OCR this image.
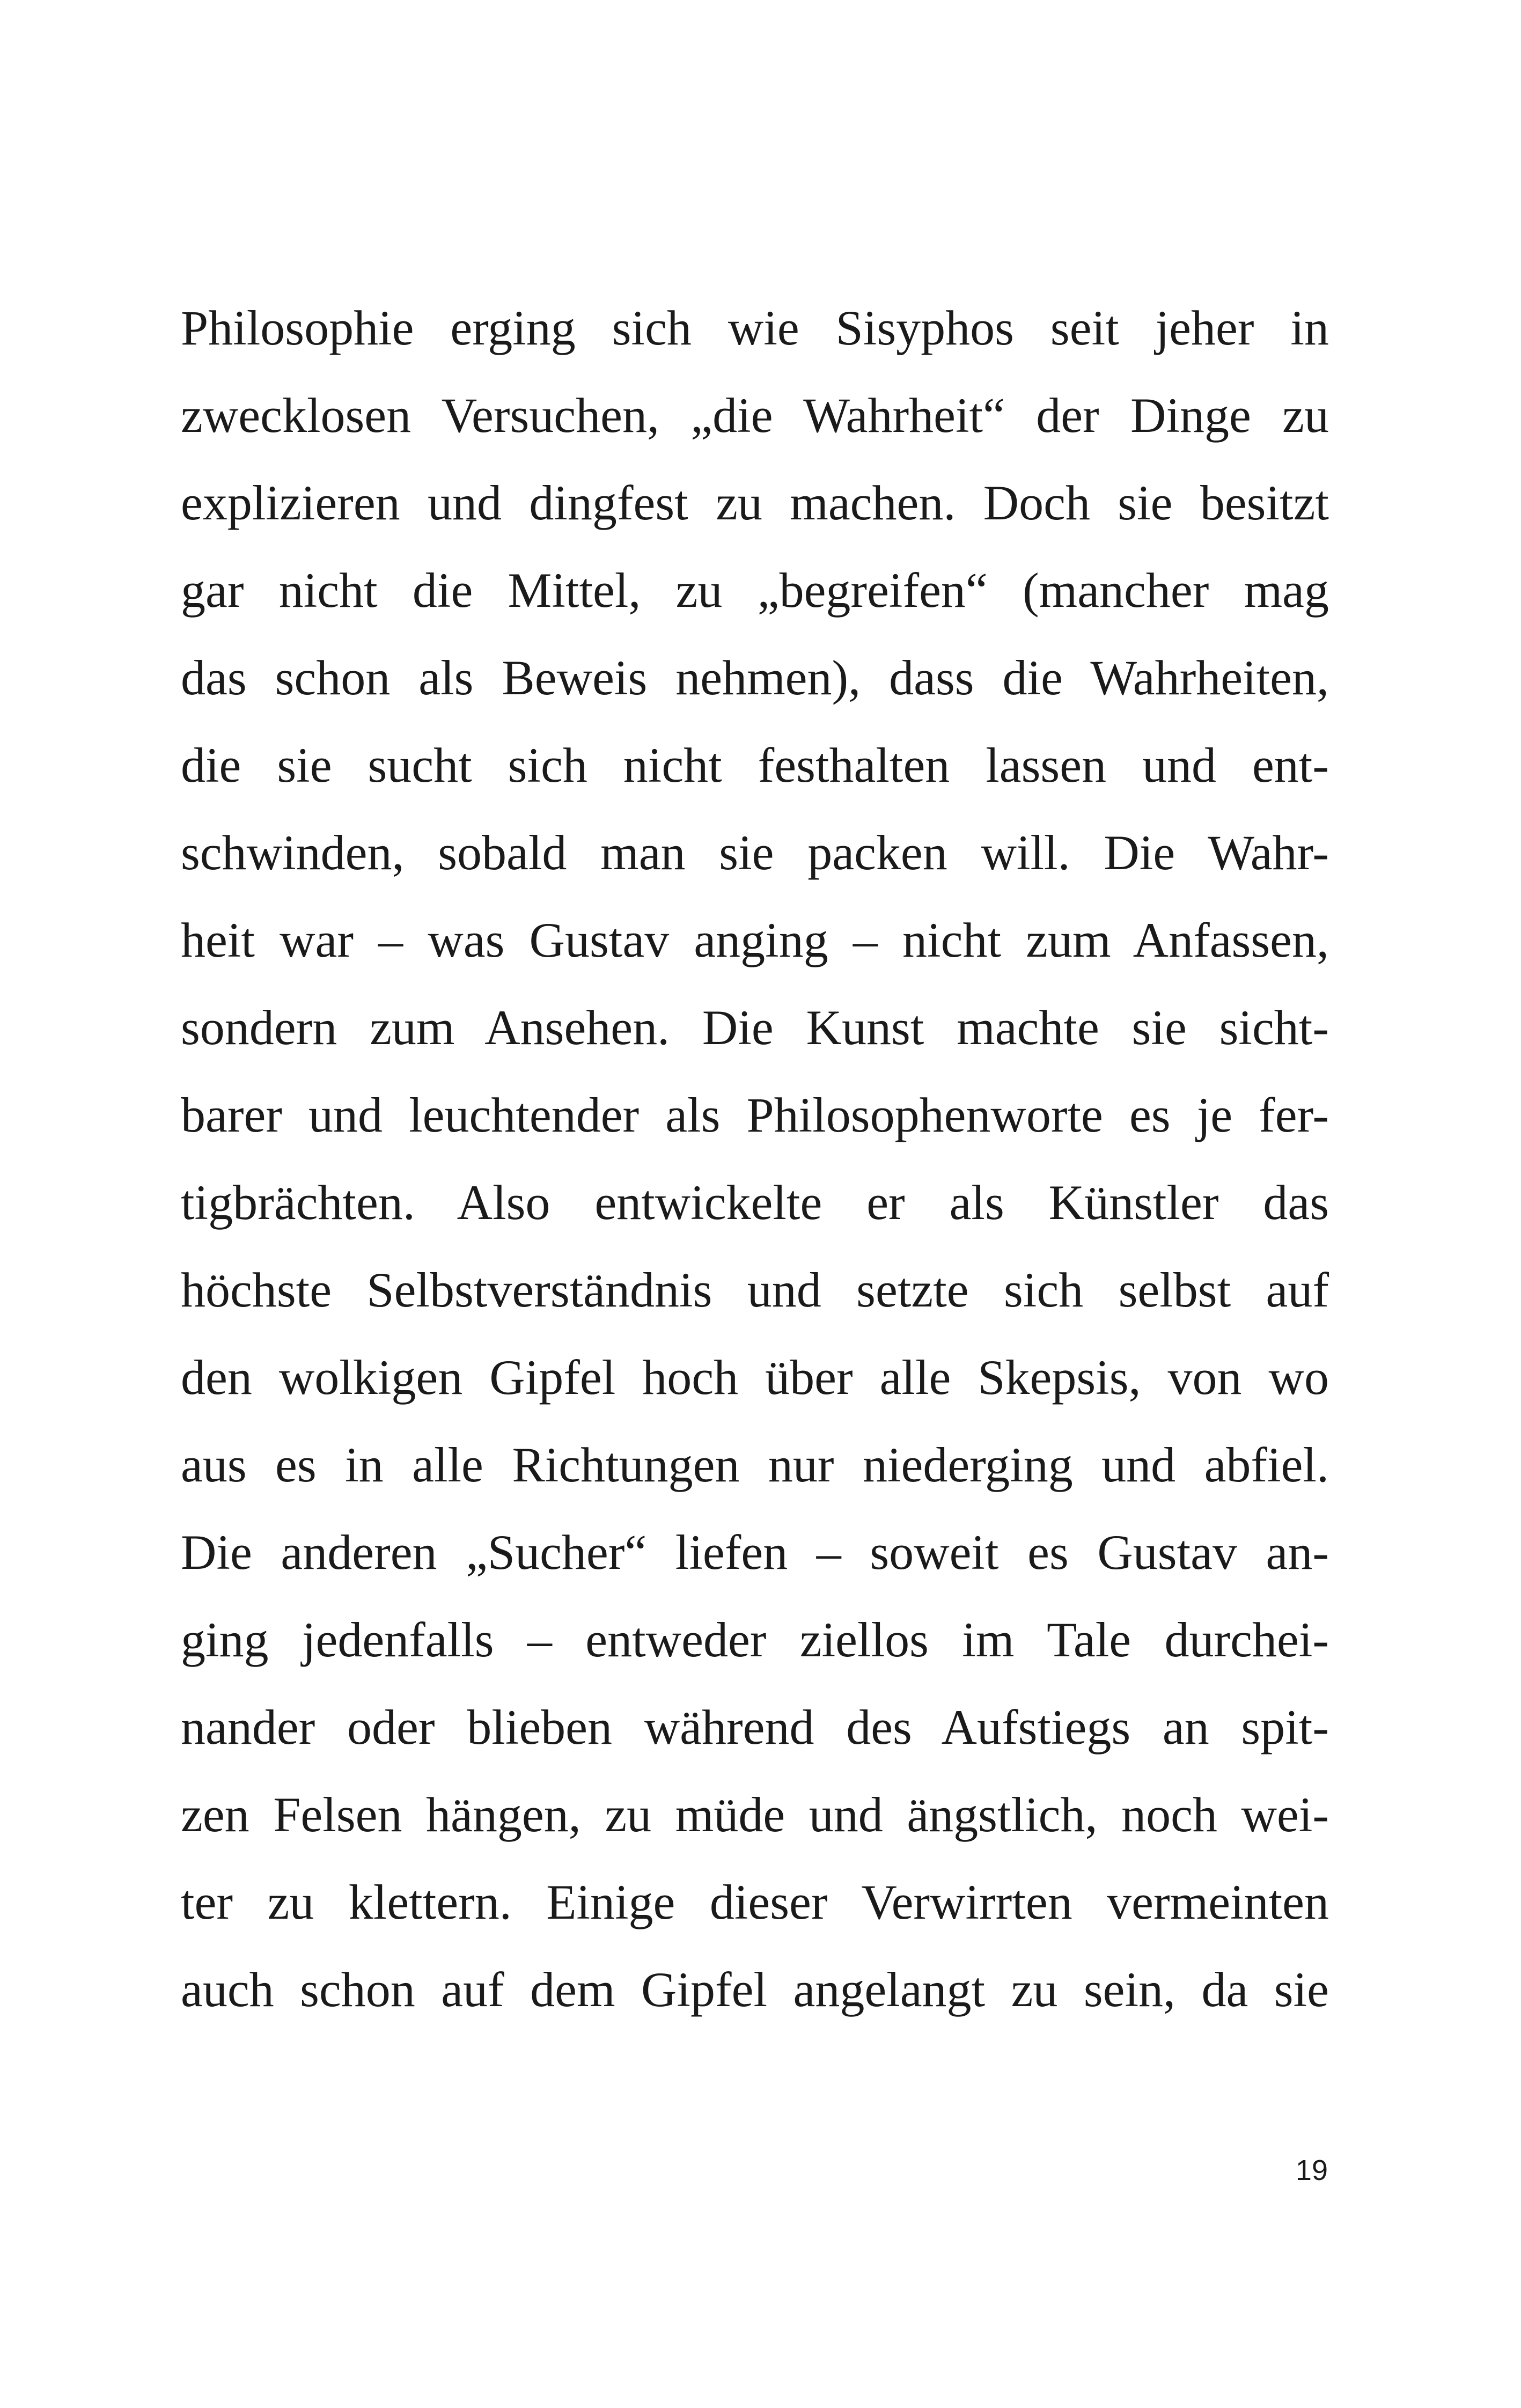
Philosophie erging sich wie Sisyphos seit jeher in
zwecklosen Versuchen, „die Wahrheit“ der Dinge zu
explizieren und dingfest zu machen. Doch sie besitzt
gar nicht die Mittel, zu „begreifen“ (mancher mag
das schon als Beweis nehmen), dass die Wahrheiten,
die sie sucht sich nicht festhalten lassen und ent-
schwinden, sobald man sie packen will. Die Wahr-
heit war – was Gustav anging – nicht zum Anfassen,
sondern zum Ansehen. Die Kunst machte sie sicht-
barer und leuchtender als Philosophenworte es je fer-
tigbrächten. Also entwickelte er als Künstler das
höchste Selbstverständnis und setzte sich selbst auf
den wolkigen Gipfel hoch über alle Skepsis, von wo
aus es in alle Richtungen nur niederging und abfiel.
Die anderen „Sucher“ liefen – soweit es Gustav an-
ging jedenfalls – entweder ziellos im Tale durchei-
nander oder blieben während des Aufstiegs an spit-
zen Felsen hängen, zu müde und ängstlich, noch wei-
ter zu klettern. Einige dieser Verwirrten vermeinten
auch schon auf dem Gipfel angelangt zu sein, da sie
19
